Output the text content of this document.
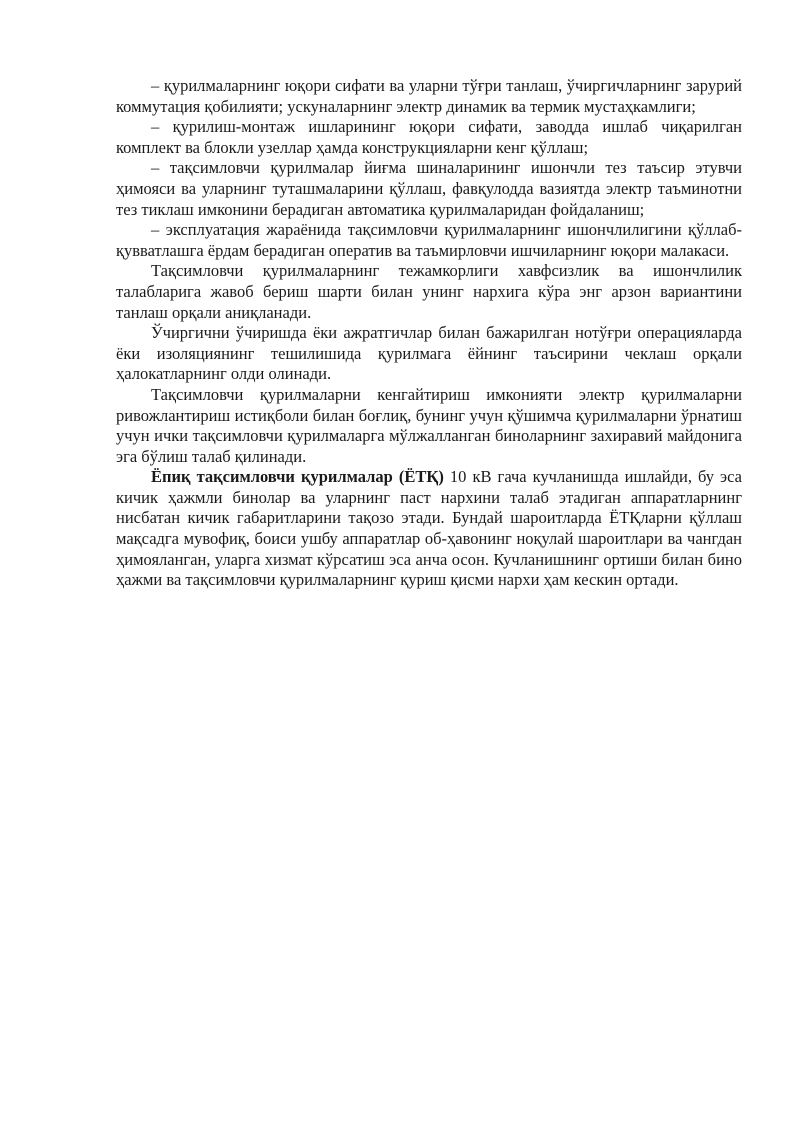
– қурилмаларнинг юқори сифати ва уларни тўғри танлаш, ўчиргичларнинг зарурий коммутация қобилияти; ускуналарнинг электр динамик ва термик мустаҳкамлиги;

– қурилиш-монтаж ишларининг юқори сифати, заводда ишлаб чиқарилган комплект ва блокли узеллар ҳамда конструкцияларни кенг қўллаш;

– тақсимловчи қурилмалар йиғма шиналарининг ишончли тез таъсир этувчи ҳимояси ва уларнинг туташмаларини қўллаш, фавқулодда вазиятда электр таъминотни тез тиклаш имконини берадиган автоматика қурилмаларидан фойдаланиш;

– эксплуатация жараёнида тақсимловчи қурилмаларнинг ишончлилигини қўллаб-қувватлашга ёрдам берадиган оператив ва таъмирловчи ишчиларнинг юқори малакаси.

Тақсимловчи қурилмаларнинг тежамкорлиги хавфсизлик ва ишончлилик талабларига жавоб бериш шарти билан унинг нархига кўра энг арзон вариантини танлаш орқали аниқланади.

Ўчиргични ўчиришда ёки ажратгичлар билан бажарилган нотўғри операцияларда ёки изоляциянинг тешилишида қурилмага ёйнинг таъсирини чеклаш орқали ҳалокатларнинг олди олинади.

Тақсимловчи қурилмаларни кенгайтириш имконияти электр қурилмаларни ривожлантириш истиқболи билан боғлиқ, бунинг учун қўшимча қурилмаларни ўрнатиш учун ички тақсимловчи қурилмаларга мўлжалланган биноларнинг захиравий майдонига эга бўлиш талаб қилинади.

Ёпиқ тақсимловчи қурилмалар (ЁТҚ) 10 кВ гача кучланишда ишлайди, бу эса кичик ҳажмли бинолар ва уларнинг паст нархини талаб этадиган аппаратларнинг нисбатан кичик габаритларини тақозо этади. Бундай шароитларда ЁТҚларни қўллаш мақсадга мувофиқ, боиси ушбу аппаратлар об-ҳавонинг ноқулай шароитлари ва чангдан ҳимояланган, уларга хизмат кўрсатиш эса анча осон. Кучланишнинг ортиши билан бино ҳажми ва тақсимловчи қурилмаларнинг қуриш қисми нархи ҳам кескин ортади.
